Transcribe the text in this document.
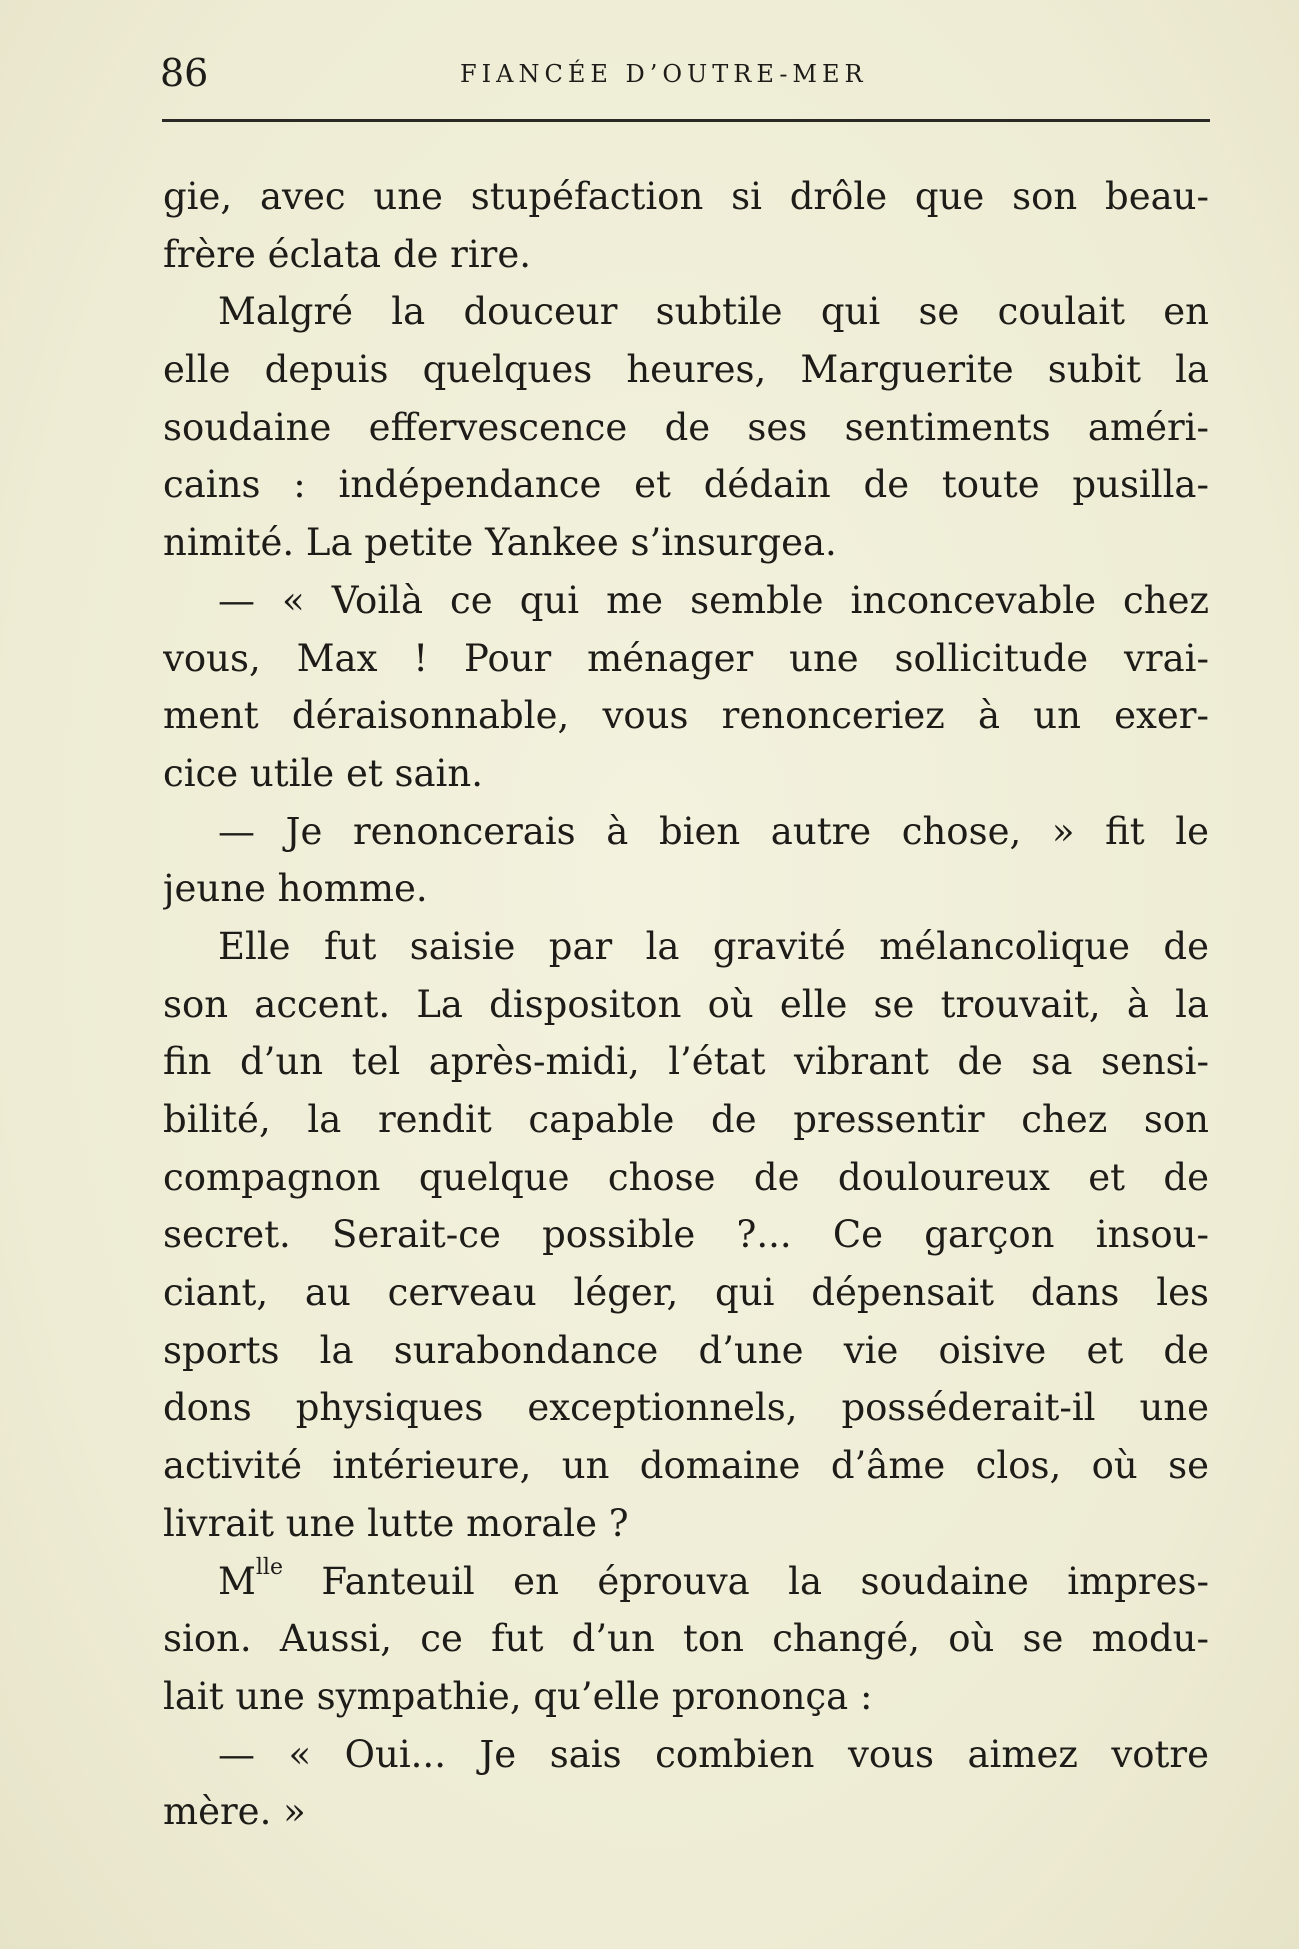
86	FIANCÉE D’OUTRE-MER
gie, avec une stupéfaction si drôle que son beau-
frère éclata de rire.
Malgré la douceur subtile qui se coulait en
elle depuis quelques heures, Marguerite subit la
soudaine effervescence de ses sentiments améri-
cains : indépendance et dédain de toute pusilla-
nimité. La petite Yankee s’insurgea.
— « Voilà ce qui me semble inconcevable chez
vous, Max ! Pour ménager une sollicitude vrai-
ment déraisonnable, vous renonceriez à un exer-
cice utile et sain.
— Je renoncerais à bien autre chose, » fit le
jeune homme.
Elle fut saisie par la gravité mélancolique de
son accent. La dispositon où elle se trouvait, à la
fin d’un tel après-midi, l’état vibrant de sa sensi-
bilité, la rendit capable de pressentir chez son
compagnon quelque chose de douloureux et de
secret. Serait-ce possible ?... Ce garçon insou-
ciant, au cerveau léger, qui dépensait dans les
sports la surabondance d’une vie oisive et de
dons physiques exceptionnels, posséderait-il une
activité intérieure, un domaine d’âme clos, où se
livrait une lutte morale ?
$M^{lle}$ Fanteuil en éprouva la soudaine impres-
sion. Aussi, ce fut d’un ton changé, où se modu-
lait une sympathie, qu’elle prononça :
— « Oui... Je sais combien vous aimez votre
mère. »
